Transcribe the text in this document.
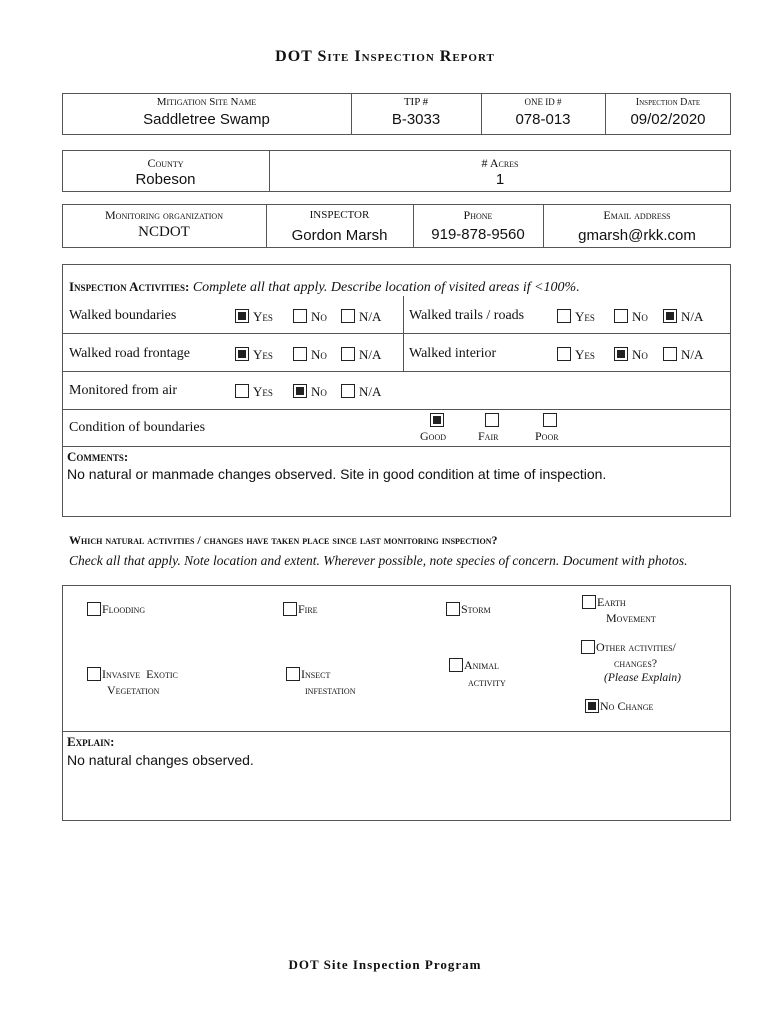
DOT Site Inspection Report
Mitigation Site Name
Saddletree Swamp
TIP #
B-3033
ONE ID #
078-013
Inspection Date
09/02/2020
County
Robeson
# Acres
1
Monitoring organization
NCDOT
INSPECTOR
Gordon Marsh
Phone
919-878-9560
Email address
gmarsh@rkk.com
Inspection Activities: Complete all that apply. Describe location of visited areas if <100%.
Walked boundaries	Yes	No N/A Walked trails / roads	Yes	No	N/A
Walked road frontage	Yes	No N/A Walked interior	Yes	No	N/A
Monitored from air	Yes	No N/A
Condition of boundaries
Good	Fair	Poor
Comments:
No natural or manmade changes observed. Site in good condition at time of inspection.
Which natural activities / changes have taken place since last monitoring inspection?
Check all that apply. Note location and extent. Wherever possible, note species of concern. Document with photos.
Flooding	Fire	Storm	Earth
Movement
Invasive  Exotic
Vegetation
Insect
infestation
Animal
activity
Other activities/
changes?
(Please Explain)
No Change
Explain:
No natural changes observed.
DOT Site Inspection Program
